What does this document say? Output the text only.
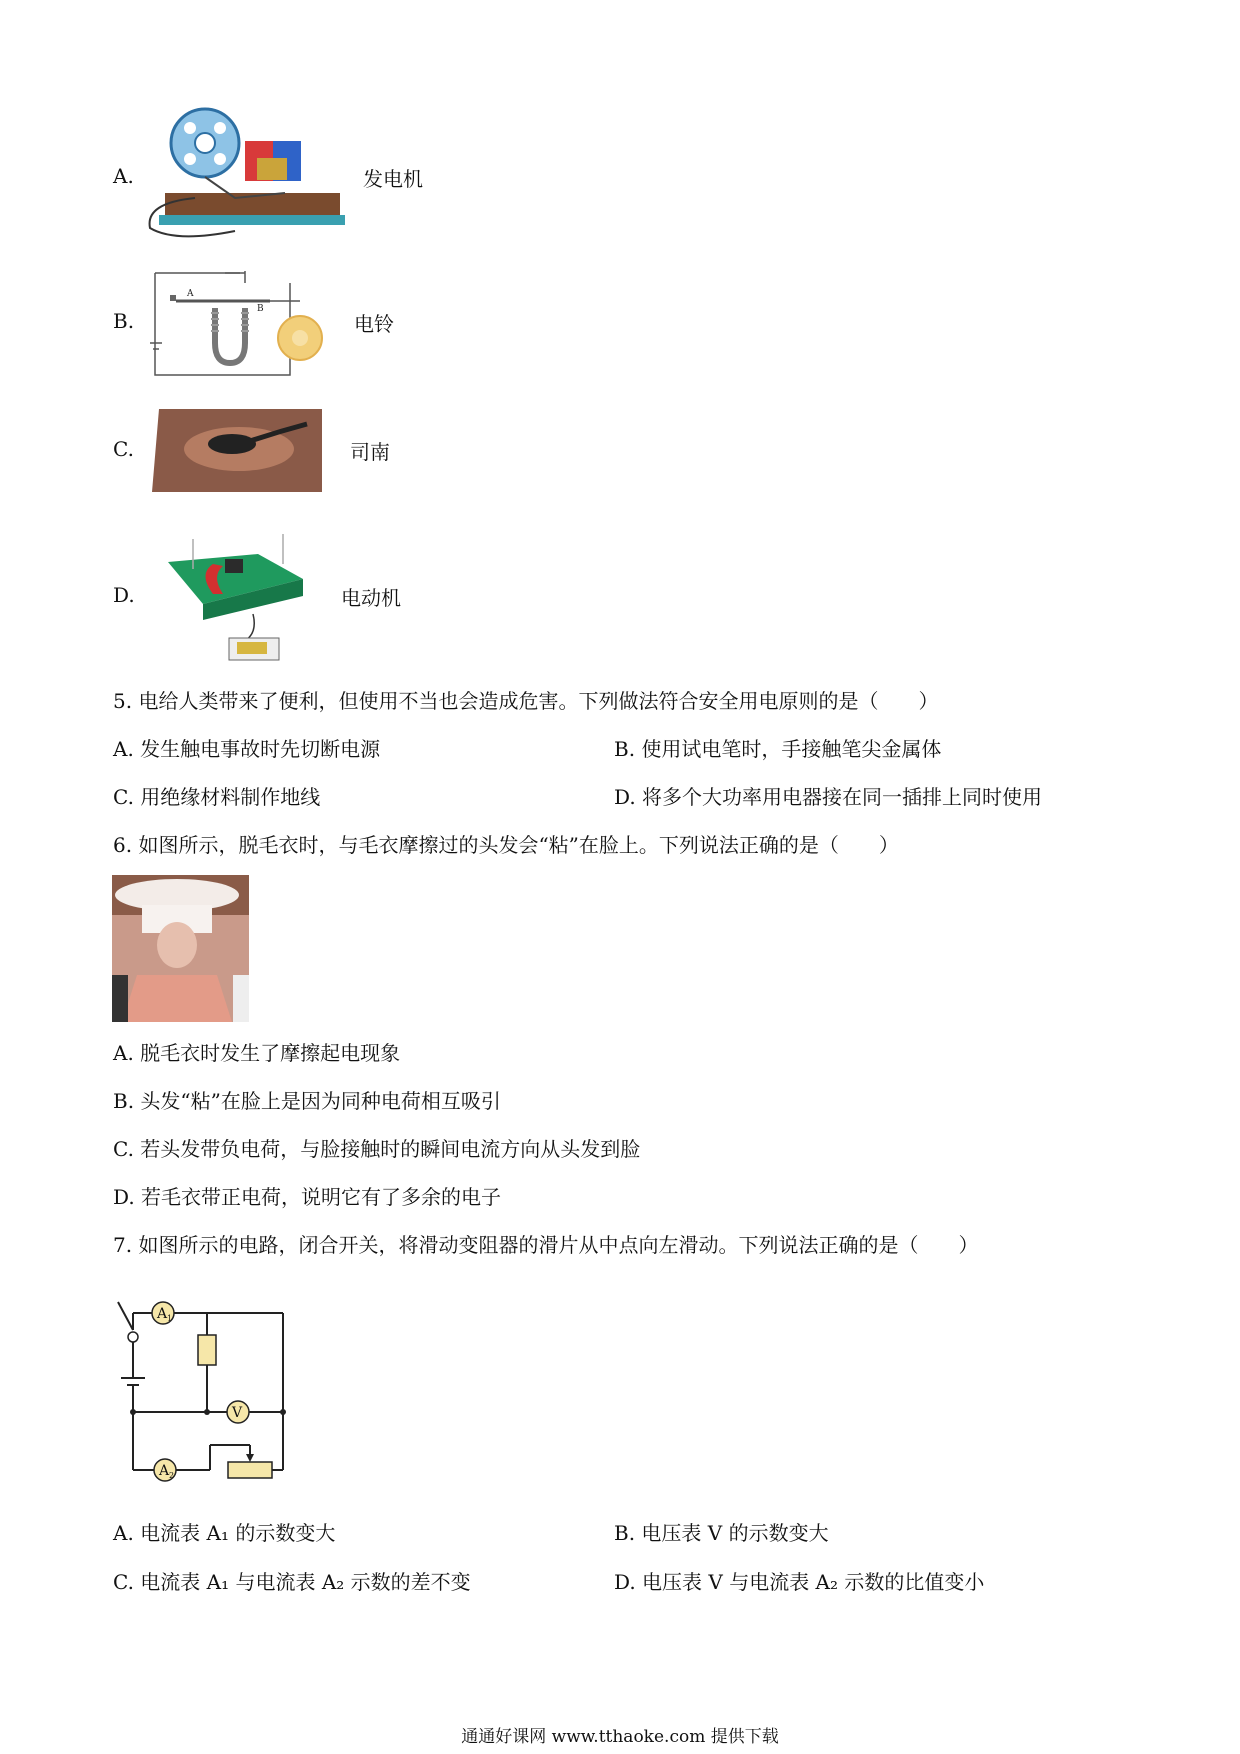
A.	发电机
B.
A
B
电铃
C.	司南
D.	电动机
5. 电给人类带来了便利，但使用不当也会造成危害。下列做法符合安全用电原则的是（　　）
A. 发生触电事故时先切断电源	B. 使用试电笔时，手接触笔尖金属体
C. 用绝缘材料制作地线	D. 将多个大功率用电器接在同一插排上同时使用
6. 如图所示，脱毛衣时，与毛衣摩擦过的头发会“粘”在脸上。下列说法正确的是（　　）
A. 脱毛衣时发生了摩擦起电现象
B. 头发“粘”在脸上是因为同种电荷相互吸引
C. 若头发带负电荷，与脸接触时的瞬间电流方向从头发到脸
D. 若毛衣带正电荷，说明它有了多余的电子
7. 如图所示的电路，闭合开关，将滑动变阻器的滑片从中点向左滑动。下列说法正确的是（　　）
A 1
V
A 2
A. 电流表 A₁ 的示数变大	B. 电压表 V 的示数变大
C. 电流表 A₁ 与电流表 A₂ 示数的差不变	D. 电压表 V 与电流表 A₂ 示数的比值变小
通通好课网 www.tthaoke.com 提供下载
